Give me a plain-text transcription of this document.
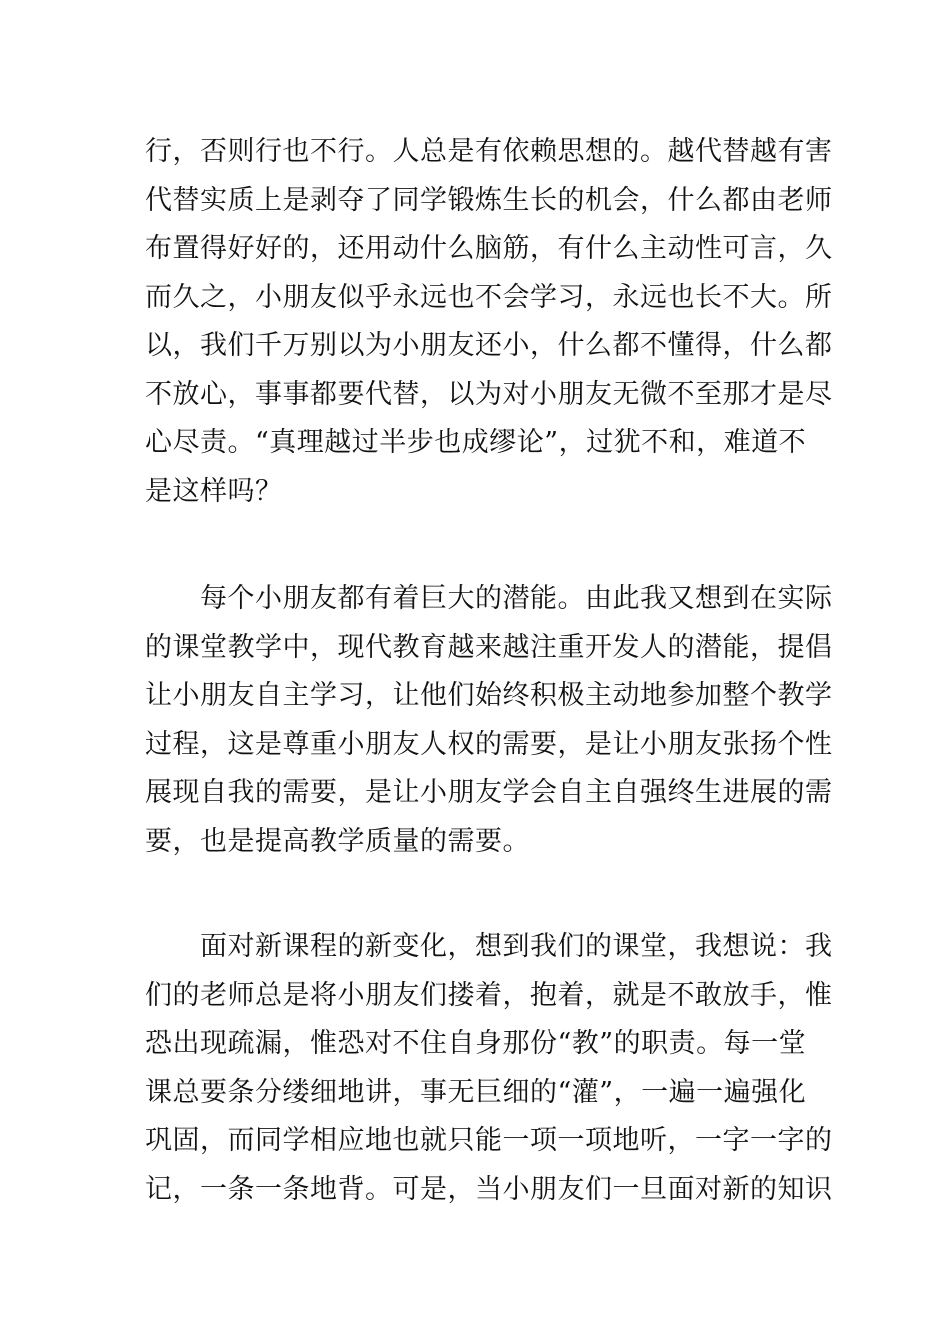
行，否则行也不行。人总是有依赖思想的。越代替越有害
代替实质上是剥夺了同学锻炼生长的机会，什么都由老师
布置得好好的，还用动什么脑筋，有什么主动性可言，久
而久之，小朋友似乎永远也不会学习，永远也长不大。所
以，我们千万别以为小朋友还小，什么都不懂得，什么都
不放心，事事都要代替，以为对小朋友无微不至那才是尽
心尽责。“真理越过半步也成缪论”，过犹不和，难道不
是这样吗？
　　每个小朋友都有着巨大的潜能。由此我又想到在实际
的课堂教学中，现代教育越来越注重开发人的潜能，提倡
让小朋友自主学习，让他们始终积极主动地参加整个教学
过程，这是尊重小朋友人权的需要，是让小朋友张扬个性
展现自我的需要，是让小朋友学会自主自强终生进展的需
要，也是提高教学质量的需要。
　　面对新课程的新变化，想到我们的课堂，我想说：我
们的老师总是将小朋友们搂着，抱着，就是不敢放手，惟
恐出现疏漏，惟恐对不住自身那份“教”的职责。每一堂
课总要条分缕细地讲，事无巨细的“灌”，一遍一遍强化
巩固，而同学相应地也就只能一项一项地听，一字一字的
记，一条一条地背。可是，当小朋友们一旦面对新的知识
